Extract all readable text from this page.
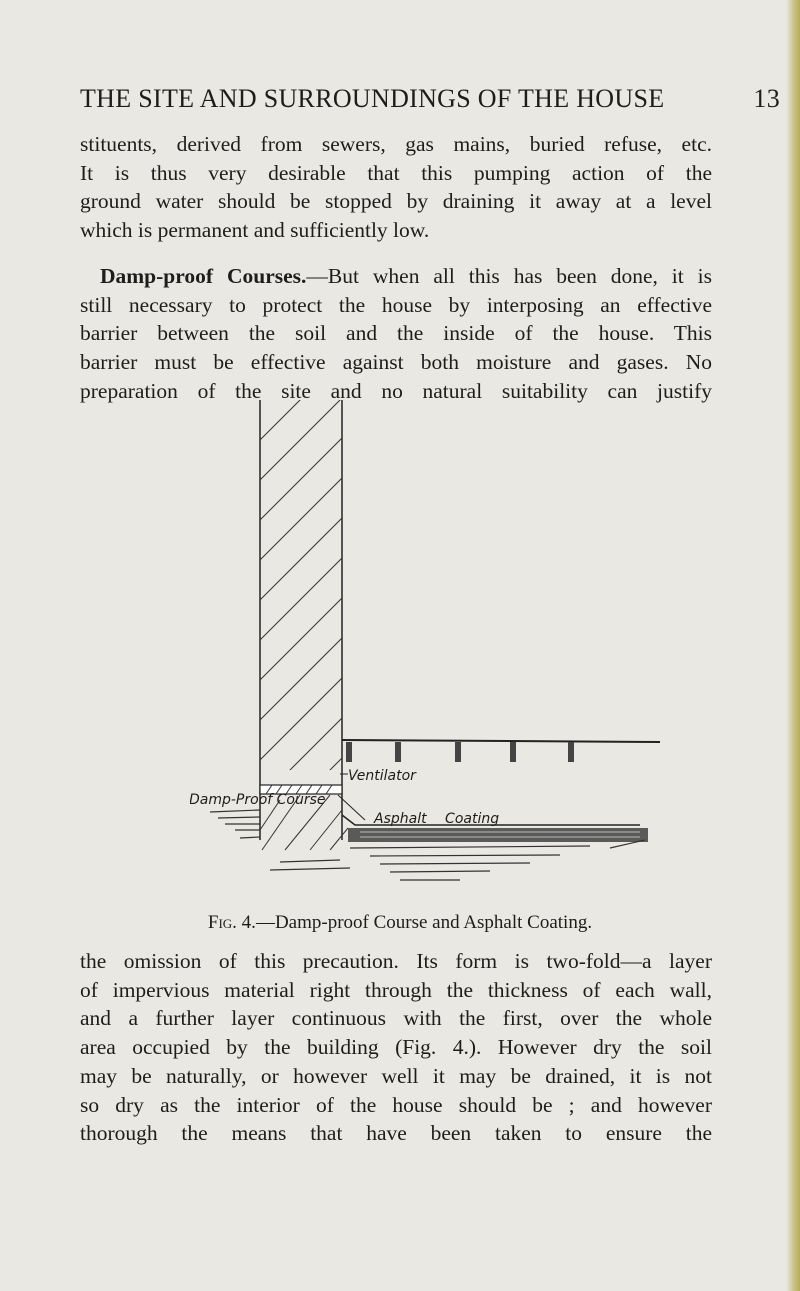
THE SITE AND SURROUNDINGS OF THE HOUSE	13

stituents, derived from sewers, gas mains, buried refuse, etc.
It is thus very desirable that this pumping action of the
ground water should be stopped by draining it away at a level
which is permanent and sufficiently low.

Damp-proof Courses.—But when all this has been done, it is
still necessary to protect the house by interposing an effective
barrier between the soil and the inside of the house. This
barrier must be effective against both moisture and gases. No
preparation of the site and no natural suitability can justify

Ventilator
Damp-Proof Course
Asphalt Coating
Fig. 4.—Damp-proof Course and Asphalt Coating.

the omission of this precaution. Its form is two-fold—a layer
of impervious material right through the thickness of each wall,
and a further layer continuous with the first, over the whole
area occupied by the building (Fig. 4.). However dry the soil
may be naturally, or however well it may be drained, it is not
so dry as the interior of the house should be ; and however
thorough the means that have been taken to ensure the
